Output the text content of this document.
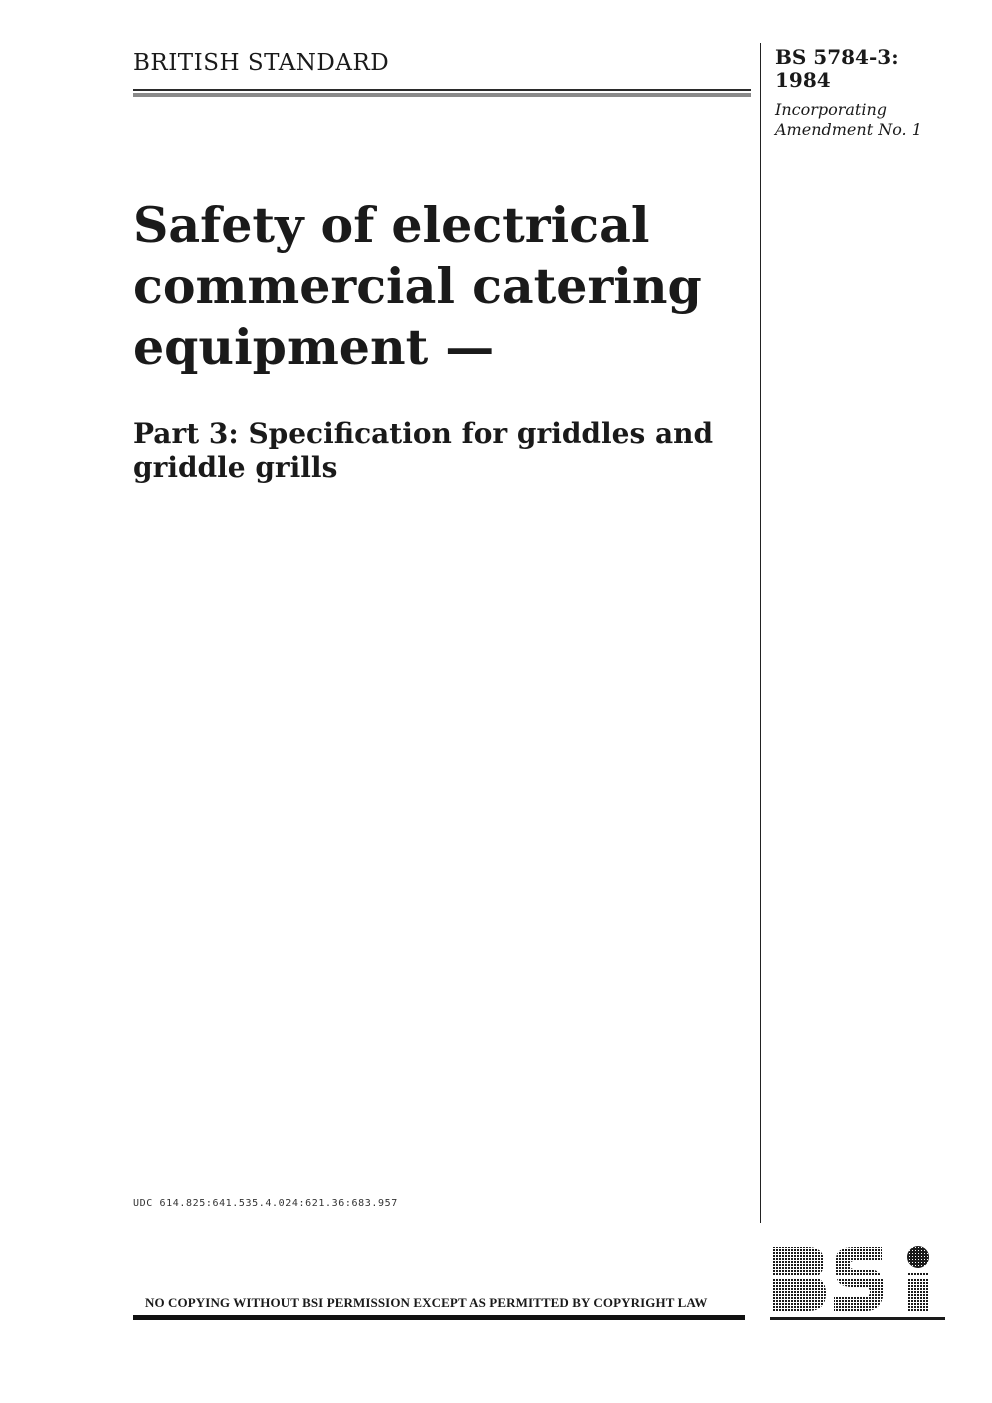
BRITISH STANDARD	BS 5784-3:
1984
Incorporating
Amendment No. 1
Safety of electrical
commercial catering
equipment —
Part 3: Specification for griddles and
griddle grills
UDC 614.825:641.535.4.024:621.36:683.957
NO COPYING WITHOUT BSI PERMISSION EXCEPT AS PERMITTED BY COPYRIGHT LAW
